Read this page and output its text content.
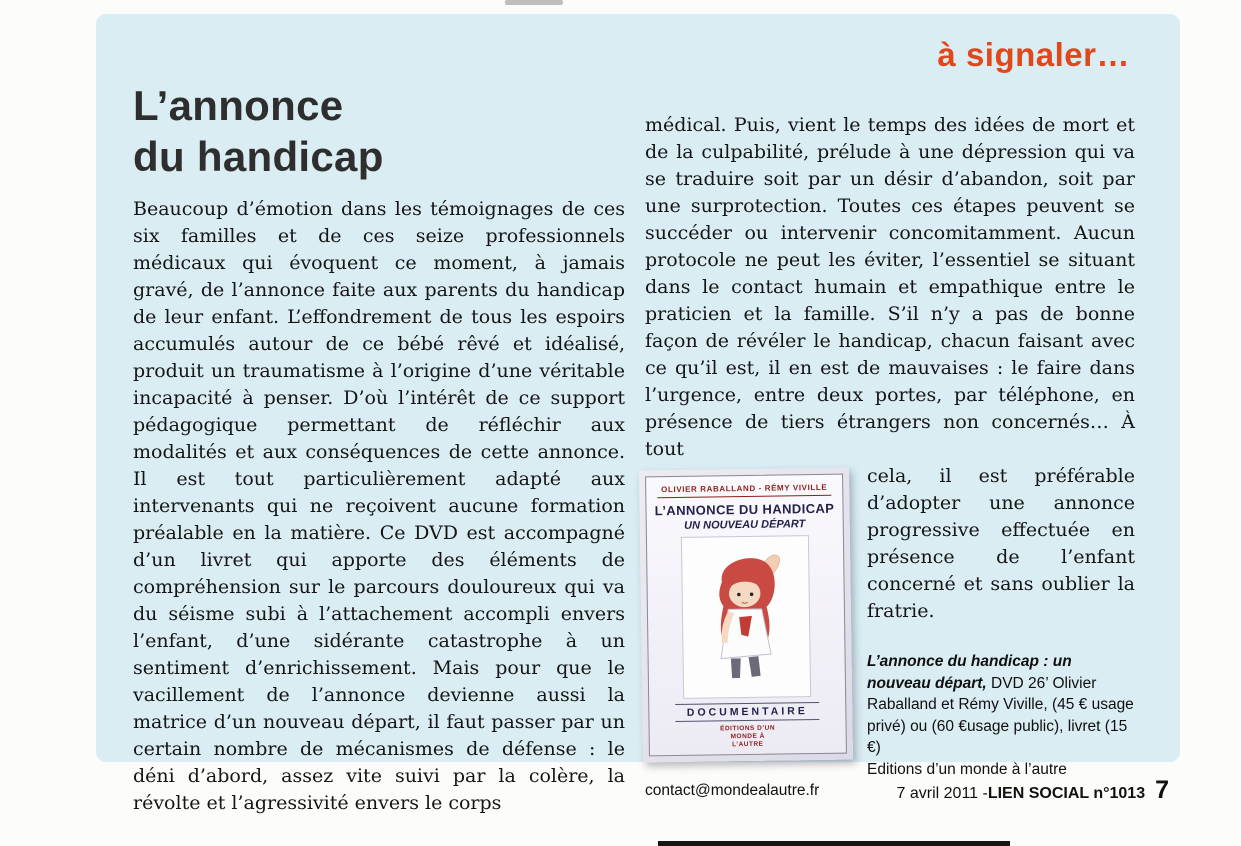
à signaler…
L’annonce
du handicap

Beaucoup d’émotion dans les témoignages de ces six familles et de ces seize professionnels médicaux qui évoquent ce moment, à jamais gravé, de l’annonce faite aux parents du handicap de leur enfant. L’effondrement de tous les espoirs accumulés autour de ce bébé rêvé et idéalisé, produit un traumatisme à l’origine d’une véritable incapacité à penser. D’où l’intérêt de ce support pédagogique permettant de réfléchir aux modalités et aux conséquences de cette annonce. Il est tout particulièrement adapté aux intervenants qui ne reçoivent aucune formation préalable en la matière. Ce DVD est accompagné d’un livret qui apporte des éléments de compréhension sur le parcours douloureux qui va du séisme subi à l’attachement accompli envers l’enfant, d’une sidérante catastrophe à un sentiment d’enrichissement. Mais pour que le vacillement de l’annonce devienne aussi la matrice d’un nouveau départ, il faut passer par un certain nombre de mécanismes de défense : le déni d’abord, assez vite suivi par la colère, la révolte et l’agressivité envers le corps

médical. Puis, vient le temps des idées de mort et de la culpabilité, prélude à une dépression qui va se traduire soit par un désir d’abandon, soit par une surprotection. Toutes ces étapes peuvent se succéder ou intervenir concomitamment. Aucun protocole ne peut les éviter, l’essentiel se situant dans le contact humain et empathique entre le praticien et la famille. S’il n’y a pas de bonne façon de révéler le handicap, chacun faisant avec ce qu’il est, il en est de mauvaises : le faire dans l’urgence, entre deux portes, par téléphone, en présence de tiers étrangers non concernés… À tout

OLIVIER RABALLAND - RÉMY VIVILLE
L’ANNONCE DU HANDICAP
UN NOUVEAU DÉPART
DOCUMENTAIRE
ÉDITIONS D’UN MONDE À L’AUTRE

cela, il est préférable d’adopter une annonce progressive effectuée en présence de l’enfant concerné et sans oublier la fratrie.

L’annonce du handicap : un nouveau départ, DVD 26’ Olivier Raballand et Rémy Viville, (45 € usage privé) ou (60 €usage public), livret (15 €)
Editions d’un monde à l’autre
contact@mondealautre.fr	7 avril 2011 - LIEN SOCIAL n°1013 7
